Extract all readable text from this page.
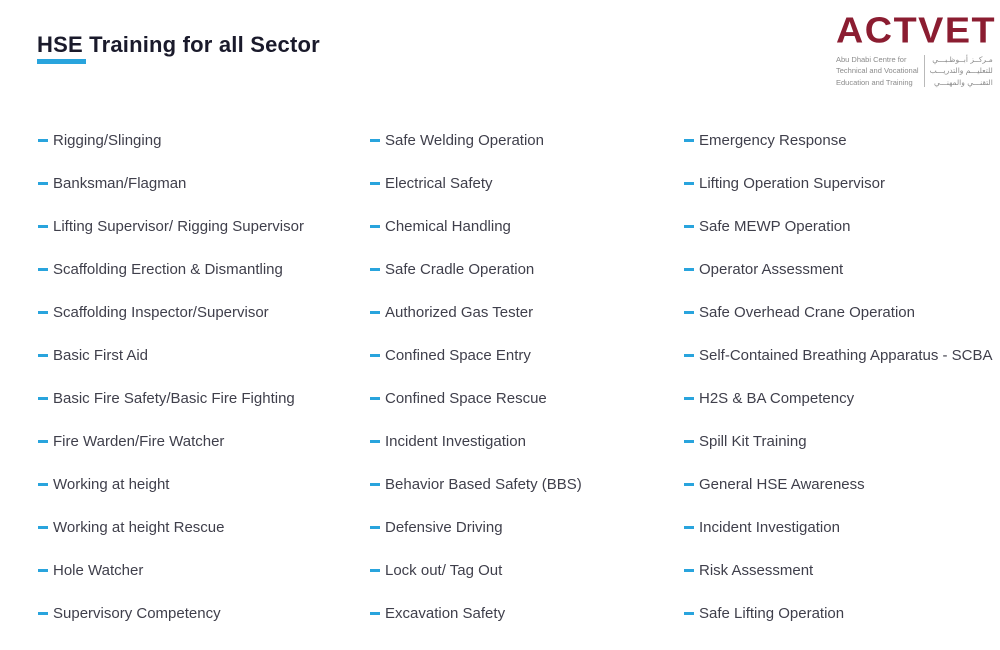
HSE Training for all Sector	ACTVET
Abu Dhabi Centre for
Technical and Vocational
Education and Training
مـركــز أبــوظـبـــي
للتعليـــم والتدريـــب
التقنـــي والمهنـــي
Rigging/Slinging
Banksman/Flagman
Lifting Supervisor/ Rigging Supervisor
Scaffolding Erection & Dismantling
Scaffolding Inspector/Supervisor
Basic First Aid
Basic Fire Safety/Basic Fire Fighting
Fire Warden/Fire Watcher
Working at height
Working at height Rescue
Hole Watcher
Supervisory Competency
Safe Welding Operation
Electrical Safety
Chemical Handling
Safe Cradle Operation
Authorized Gas Tester
Confined Space Entry
Confined Space Rescue
Incident Investigation
Behavior Based Safety (BBS)
Defensive Driving
Lock out/ Tag Out
Excavation Safety
Emergency Response
Lifting Operation Supervisor
Safe MEWP Operation
Operator Assessment
Safe Overhead Crane Operation
Self-Contained Breathing Apparatus - SCBA
H2S & BA Competency
Spill Kit Training
General HSE Awareness
Incident Investigation
Risk Assessment
Safe Lifting Operation
